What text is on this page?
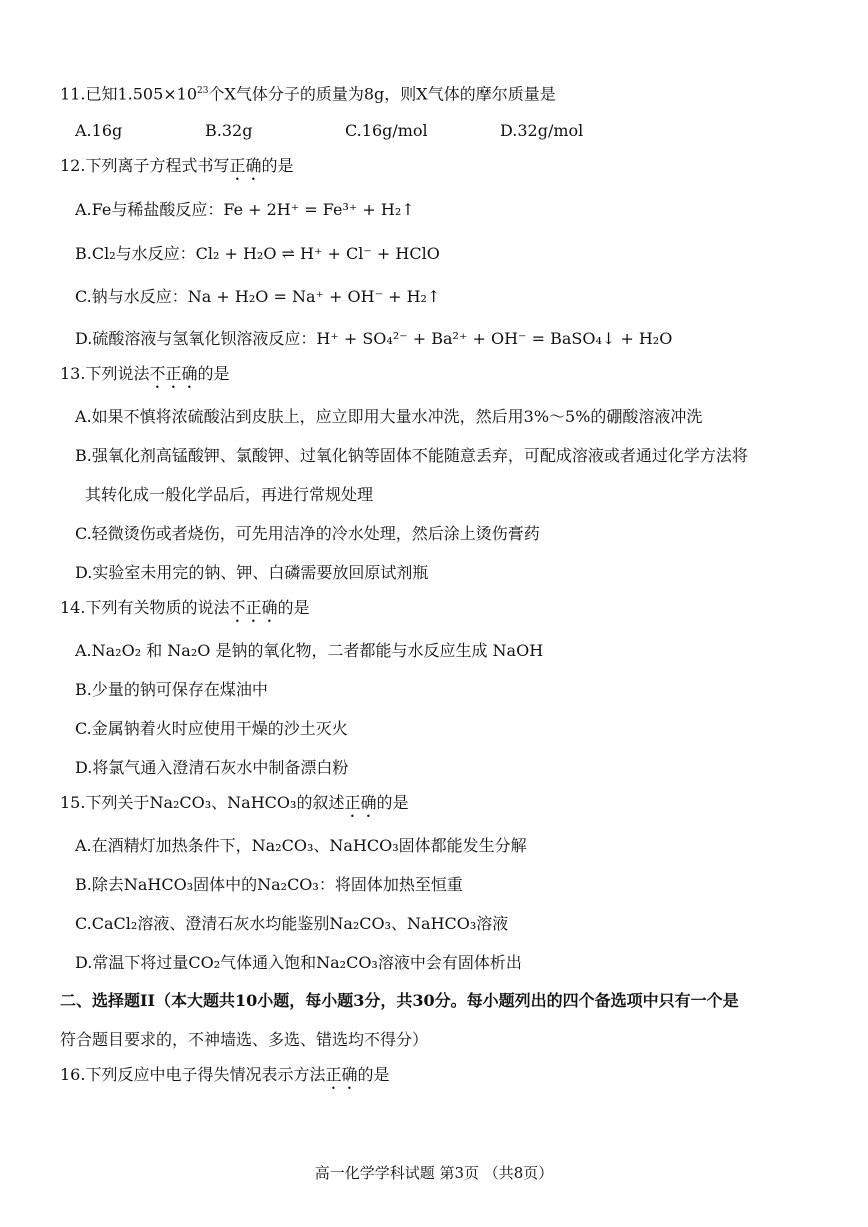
11.已知$1.505\times 10^{23}$个X气体分子的质量为8g，则X气体的摩尔质量是
A.16g	B.32g	C.16g/mol	D.32g/mol
12.下列离子方程式书写正确的是
A.Fe与稀盐酸反应：Fe + 2H⁺ = Fe³⁺ + H₂↑
B.Cl₂与水反应：Cl₂ + H₂O ⇌ H⁺ + Cl⁻ + HClO
C.钠与水反应：Na + H₂O = Na⁺ + OH⁻ + H₂↑
D.硫酸溶液与氢氧化钡溶液反应：H⁺ + SO₄²⁻ + Ba²⁺ + OH⁻ = BaSO₄↓ + H₂O
13.下列说法不正确的是
A.如果不慎将浓硫酸沾到皮肤上，应立即用大量水冲洗，然后用3%～5%的硼酸溶液冲洗
B.强氧化剂高锰酸钾、氯酸钾、过氧化钠等固体不能随意丢弃，可配成溶液或者通过化学方法将
其转化成一般化学品后，再进行常规处理
C.轻微烫伤或者烧伤，可先用洁净的冷水处理，然后涂上烫伤膏药
D.实验室未用完的钠、钾、白磷需要放回原试剂瓶
14.下列有关物质的说法不正确的是
A.Na₂O₂ 和 Na₂O 是钠的氧化物，二者都能与水反应生成 NaOH
B.少量的钠可保存在煤油中
C.金属钠着火时应使用干燥的沙土灭火
D.将氯气通入澄清石灰水中制备漂白粉
15.下列关于Na₂CO₃、NaHCO₃的叙述正确的是
A.在酒精灯加热条件下，Na₂CO₃、NaHCO₃固体都能发生分解
B.除去NaHCO₃固体中的Na₂CO₃：将固体加热至恒重
C.CaCl₂溶液、澄清石灰水均能鉴别Na₂CO₃、NaHCO₃溶液
D.常温下将过量CO₂气体通入饱和Na₂CO₃溶液中会有固体析出
二、选择题II（本大题共10小题，每小题3分，共30分。每小题列出的四个备选项中只有一个是
符合题目要求的，不神墙选、多选、错选均不得分）
16.下列反应中电子得失情况表示方法正确的是
高一化学学科试题 第3页 （共8页）
